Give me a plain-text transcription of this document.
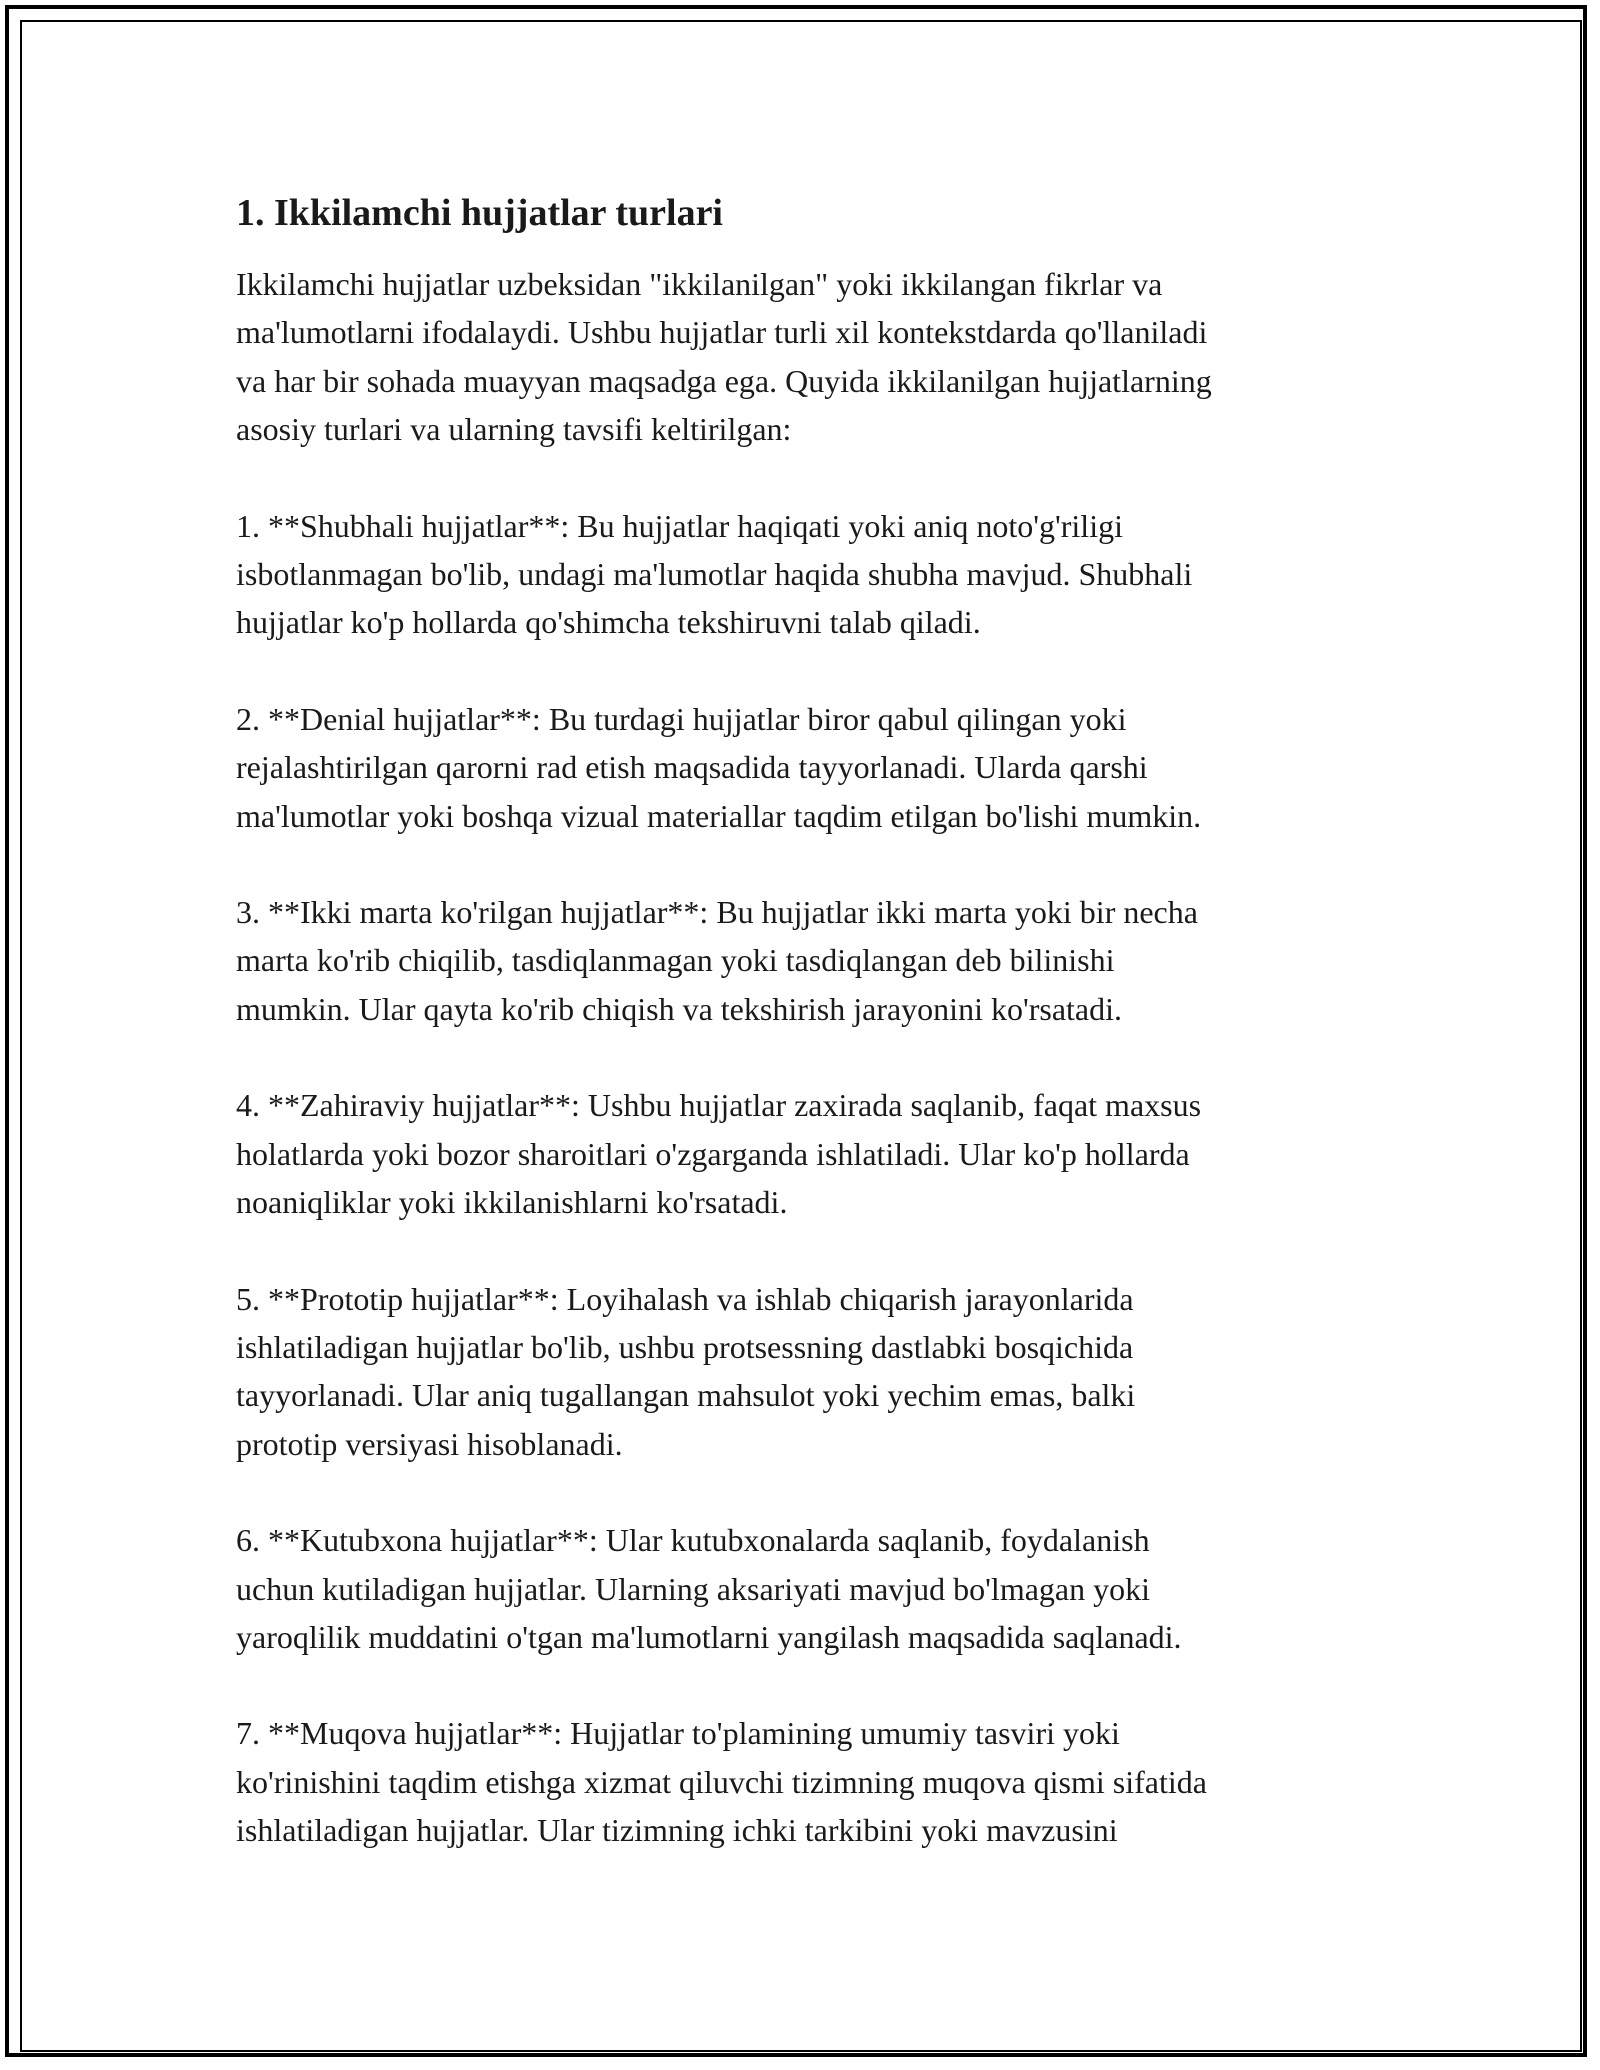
1. Ikkilamchi hujjatlar turlari

Ikkilamchi hujjatlar uzbeksidan "ikkilanilgan" yoki ikkilangan fikrlar va
ma'lumotlarni ifodalaydi. Ushbu hujjatlar turli xil kontekstdarda qo'llaniladi
va har bir sohada muayyan maqsadga ega. Quyida ikkilanilgan hujjatlarning
asosiy turlari va ularning tavsifi keltirilgan:

1. **Shubhali hujjatlar**: Bu hujjatlar haqiqati yoki aniq noto'g'riligi
isbotlanmagan bo'lib, undagi ma'lumotlar haqida shubha mavjud. Shubhali
hujjatlar ko'p hollarda qo'shimcha tekshiruvni talab qiladi.

2. **Denial hujjatlar**: Bu turdagi hujjatlar biror qabul qilingan yoki
rejalashtirilgan qarorni rad etish maqsadida tayyorlanadi. Ularda qarshi
ma'lumotlar yoki boshqa vizual materiallar taqdim etilgan bo'lishi mumkin.

3. **Ikki marta ko'rilgan hujjatlar**: Bu hujjatlar ikki marta yoki bir necha
marta ko'rib chiqilib, tasdiqlanmagan yoki tasdiqlangan deb bilinishi
mumkin. Ular qayta ko'rib chiqish va tekshirish jarayonini ko'rsatadi.

4. **Zahiraviy hujjatlar**: Ushbu hujjatlar zaxirada saqlanib, faqat maxsus
holatlarda yoki bozor sharoitlari o'zgarganda ishlatiladi. Ular ko'p hollarda
noaniqliklar yoki ikkilanishlarni ko'rsatadi.

5. **Prototip hujjatlar**: Loyihalash va ishlab chiqarish jarayonlarida
ishlatiladigan hujjatlar bo'lib, ushbu protsessning dastlabki bosqichida
tayyorlanadi. Ular aniq tugallangan mahsulot yoki yechim emas, balki
prototip versiyasi hisoblanadi.

6. **Kutubxona hujjatlar**: Ular kutubxonalarda saqlanib, foydalanish
uchun kutiladigan hujjatlar. Ularning aksariyati mavjud bo'lmagan yoki
yaroqlilik muddatini o'tgan ma'lumotlarni yangilash maqsadida saqlanadi.

7. **Muqova hujjatlar**: Hujjatlar to'plamining umumiy tasviri yoki
ko'rinishini taqdim etishga xizmat qiluvchi tizimning muqova qismi sifatida
ishlatiladigan hujjatlar. Ular tizimning ichki tarkibini yoki mavzusini
